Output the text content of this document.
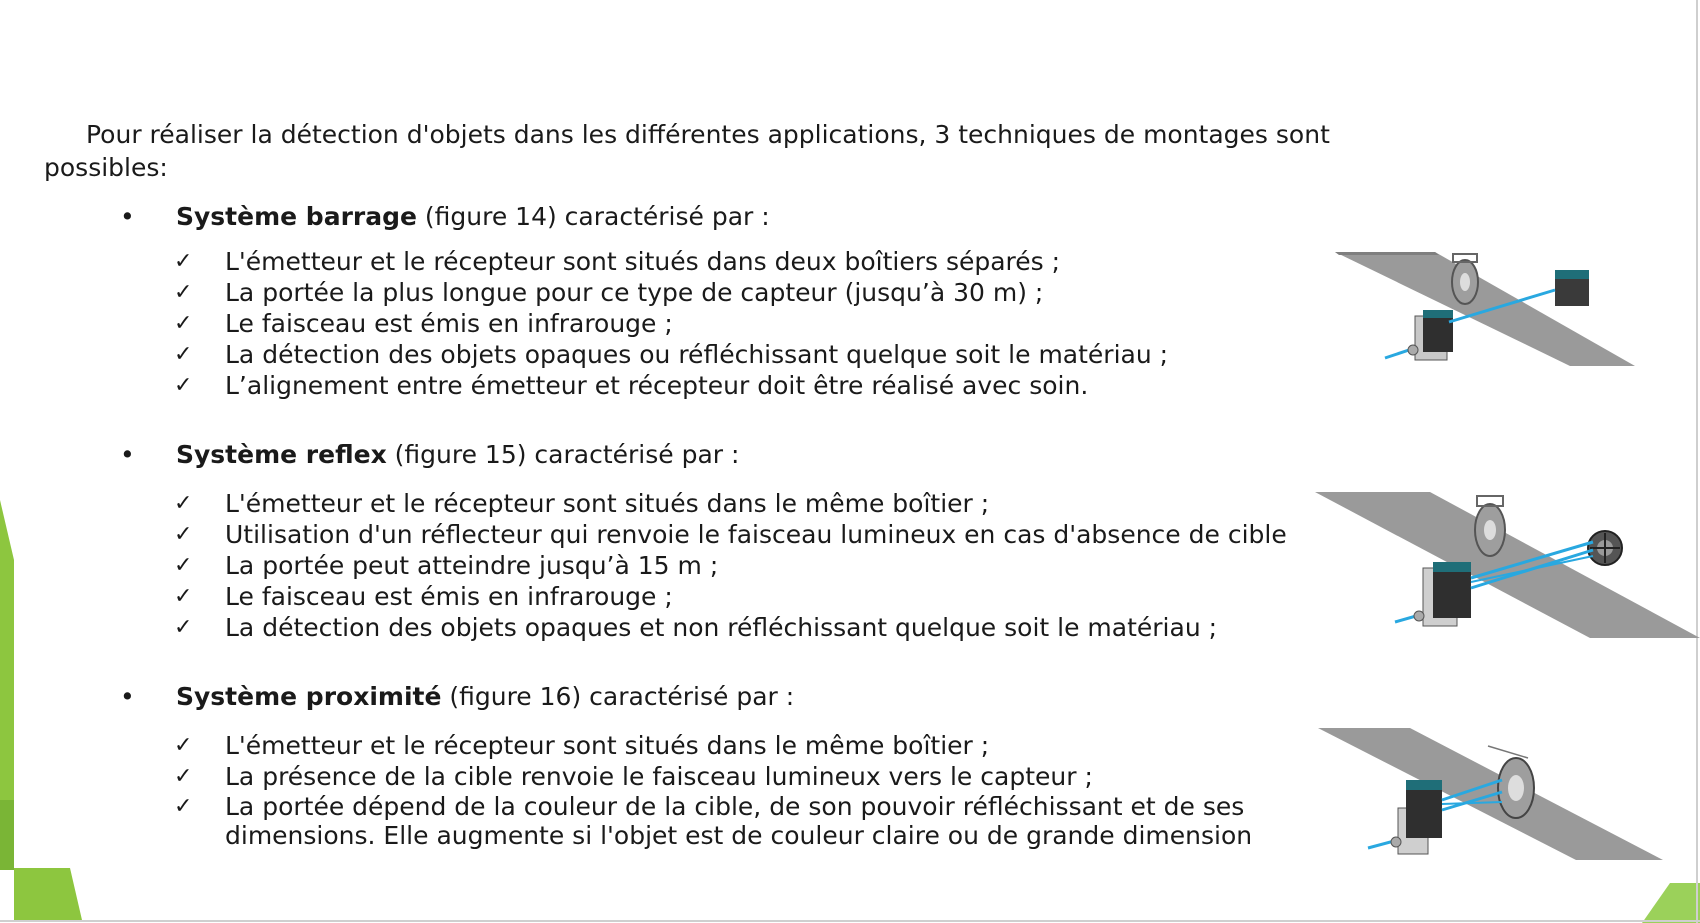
Pour réaliser la détection d'objets dans les différentes applications, 3 techniques de montages sont possibles:

• Système barrage (figure 14) caractérisé par :
✓ L'émetteur et le récepteur sont situés dans deux boîtiers séparés ;
✓ La portée la plus longue pour ce type de capteur (jusqu’à 30 m) ;
✓ Le faisceau est émis en infrarouge ;
✓ La détection des objets opaques ou réfléchissant quelque soit le matériau ;
✓ L’alignement entre émetteur et récepteur doit être réalisé avec soin.
• Système reflex (figure 15) caractérisé par :
✓ L'émetteur et le récepteur sont situés dans le même boîtier ;
✓ Utilisation d'un réflecteur qui renvoie le faisceau lumineux en cas d'absence de cible
✓ La portée peut atteindre jusqu’à 15 m ;
✓ Le faisceau est émis en infrarouge ;
✓ La détection des objets opaques et non réfléchissant quelque soit le matériau ;
• Système proximité (figure 16) caractérisé par :
✓ L'émetteur et le récepteur sont situés dans le même boîtier ;
✓ La présence de la cible renvoie le faisceau lumineux vers le capteur ;
✓ La portée dépend de la couleur de la cible, de son pouvoir réfléchissant et de ses dimensions. Elle augmente si l'objet est de couleur claire ou de grande dimension
